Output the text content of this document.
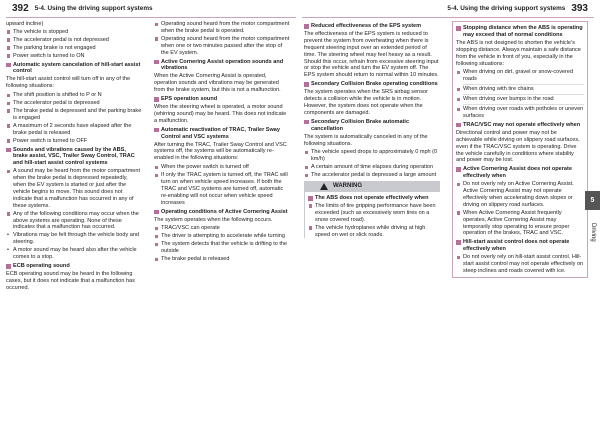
392 5-4. Using the driving support systems	5-4. Using the driving support systems 393
upward incline)
The vehicle is stopped
The accelerator pedal is not depressed
The parking brake is not engaged
Power switch is turned to ON
Automatic system cancelation of hill-start assist control
The hill-start assist control will turn off in any of the following situations:
The shift position is shifted to P or N
The accelerator pedal is depressed
The brake pedal is depressed and the parking brake is engaged
A maximum of 2 seconds have elapsed after the brake pedal is released
Power switch is turned to OFF
Sounds and vibrations caused by the ABS, brake assist, VSC, Trailer Sway Control, TRAC and hill-start assist control systems
A sound may be heard from the motor compartment when the brake pedal is depressed repeatedly, when the EV system is started or just after the vehicle begins to move. This sound does not indicate that a malfunction has occurred in any of these systems.
Any of the following conditions may occur when the above systems are operating. None of these indicates that a malfunction has occurred.
• Vibrations may be felt through the vehicle body and steering.
• A motor sound may be heard also after the vehicle comes to a stop.
ECB operating sound
ECB operating sound may be heard in the following cases, but it does not indicate that a malfunction has occurred.
Operating sound heard from the motor compartment when the brake pedal is operated.
Operating sound heard from the motor compartment when one or two minutes passed after the stop of the EV system.
Active Cornering Assist operation sounds and vibrations
When the Active Cornering Assist is operated, operation sounds and vibrations may be generated from the brake system, but this is not a malfunction.
EPS operation sound
When the steering wheel is operated, a motor sound (whirring sound) may be heard. This does not indicate a malfunction.
Automatic reactivation of TRAC, Trailer Sway Control and VSC systems
After turning the TRAC, Trailer Sway Control and VSC systems off, the systems will be automatically re-enabled in the following situations:
When the power switch is turned off
If only the TRAC system is turned off, the TRAC will turn on when vehicle speed increases. If both the TRAC and VSC systems are turned off, automatic re-enabling will not occur when vehicle speed increases
Operating conditions of Active Cornering Assist
The system operates when the following occurs.
TRAC/VSC can operate
The driver is attempting to accelerate while turning
The system detects that the vehicle is drifting to the outside
The brake pedal is released
Reduced effectiveness of the EPS system
The effectiveness of the EPS system is reduced to prevent the system from overheating when there is frequent steering input over an extended period of time. The steering wheel may feel heavy as a result. Should this occur, refrain from excessive steering input or stop the vehicle and turn the EV system off. The EPS system should return to normal within 10 minutes.
Secondary Collision Brake operating conditions
The system operates when the SRS airbag sensor detects a collision while the vehicle is in motion. However, the system does not operate when the components are damaged.
Secondary Collision Brake automatic cancellation
The system is automatically canceled in any of the following situations.
The vehicle speed drops to approximately 0 mph (0 km/h)
A certain amount of time elapses during operation
The accelerator pedal is depressed a large amount
WARNING
The ABS does not operate effectively when
The limits of tire gripping performance have been exceeded (such as excessively worn tires on a snow covered road).
The vehicle hydroplanes while driving at high speed on wet or slick roads.
Stopping distance when the ABS is operating may exceed that of normal conditions
The ABS is not designed to shorten the vehicle's stopping distance. Always maintain a safe distance from the vehicle in front of you, especially in the following situations:
When driving on dirt, gravel or snow-covered roads
When driving with tire chains
When driving over bumps in the road
When driving over roads with potholes or uneven surfaces
TRAC/VSC may not operate effectively when
Directional control and power may not be achievable while driving on slippery road surfaces, even if the TRAC/VSC system is operating. Drive the vehicle carefully in conditions where stability and power may be lost.
Active Cornering Assist does not operate effectively when
Do not overly rely on Active Cornering Assist. Active Cornering Assist may not operate effectively when accelerating down slopes or driving on slippery road surfaces.
When Active Cornering Assist frequently operates, Active Cornering Assist may temporarily stop operating to ensure proper operation of the brakes, TRAC and VSC.
Hill-start assist control does not operate effectively when
Do not overly rely on hill-start assist control. Hill-start assist control may not operate effectively on steep inclines and roads covered with ice.
5
Driving
